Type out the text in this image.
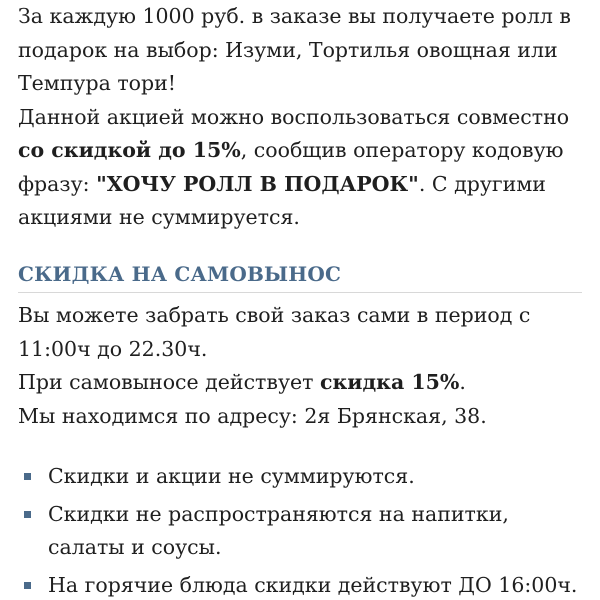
За каждую 1000 руб. в заказе вы получаете ролл в подарок на выбор: Изуми, Тортилья овощная или Темпура тори!

Данной акцией можно воспользоваться совместно со скидкой до 15%, сообщив оператору кодовую фразу: "ХОЧУ РОЛЛ В ПОДАРОК". С другими акциями не суммируется.

СКИДКА НА САМОВЫНОС

Вы можете забрать свой заказ сами в период с 11:00ч до 22.30ч.

При самовыносе действует скидка 15%.

Мы находимся по адресу: 2я Брянская, 38.

Скидки и акции не суммируются.
Скидки не распространяются на напитки, салаты и соусы.
На горячие блюда скидки действуют ДО 16:00ч.
